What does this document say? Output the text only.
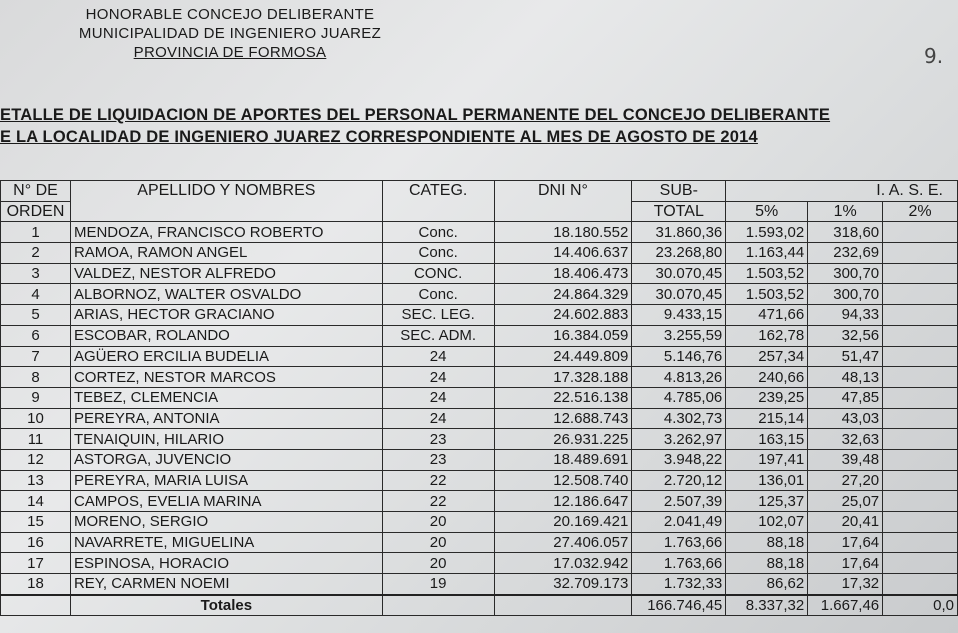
HONORABLE CONCEJO DELIBERANTE
MUNICIPALIDAD DE INGENIERO JUAREZ
PROVINCIA DE FORMOSA	9.
ETALLE DE LIQUIDACION DE APORTES DEL PERSONAL PERMANENTE DEL CONCEJO DELIBERANTE
E LA LOCALIDAD DE INGENIERO JUAREZ CORRESPONDIENTE AL MES DE AGOSTO DE 2014
N° DE	APELLIDO Y NOMBRES	CATEG.	DNI N°	SUB-	I. A. S. E.		
ORDEN				TOTAL	5%	1%	2%
1	MENDOZA, FRANCISCO ROBERTO	Conc.	18.180.552	31.860,36	1.593,02	318,60	
2	RAMOA, RAMON ANGEL	Conc.	14.406.637	23.268,80	1.163,44	232,69	
3	VALDEZ, NESTOR ALFREDO	CONC.	18.406.473	30.070,45	1.503,52	300,70	
4	ALBORNOZ, WALTER OSVALDO	Conc.	24.864.329	30.070,45	1.503,52	300,70	
5	ARIAS, HECTOR GRACIANO	SEC. LEG.	24.602.883	9.433,15	471,66	94,33	
6	ESCOBAR, ROLANDO	SEC. ADM.	16.384.059	3.255,59	162,78	32,56	
7	AGÜERO ERCILIA BUDELIA	24	24.449.809	5.146,76	257,34	51,47	
8	CORTEZ, NESTOR MARCOS	24	17.328.188	4.813,26	240,66	48,13	
9	TEBEZ, CLEMENCIA	24	22.516.138	4.785,06	239,25	47,85	
10	PEREYRA, ANTONIA	24	12.688.743	4.302,73	215,14	43,03	
11	TENAIQUIN, HILARIO	23	26.931.225	3.262,97	163,15	32,63	
12	ASTORGA, JUVENCIO	23	18.489.691	3.948,22	197,41	39,48	
13	PEREYRA, MARIA LUISA	22	12.508.740	2.720,12	136,01	27,20	
14	CAMPOS, EVELIA MARINA	22	12.186.647	2.507,39	125,37	25,07	
15	MORENO, SERGIO	20	20.169.421	2.041,49	102,07	20,41	
16	NAVARRETE, MIGUELINA	20	27.406.057	1.763,66	88,18	17,64	
17	ESPINOSA, HORACIO	20	17.032.942	1.763,66	88,18	17,64	
18	REY, CARMEN NOEMI	19	32.709.173	1.732,33	86,62	17,32	
	Totales			166.746,45	8.337,32	1.667,46	0,0
